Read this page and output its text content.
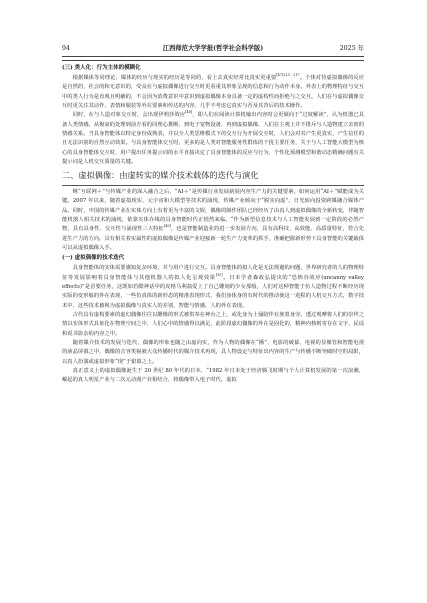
94	江西师范大学学报(哲学社会科学版)	2025 年
(三) 类人化：行为主体的模糊化

根据媒体等同理论，媒体的经历与现实的经历是等同的，看上去真实经常比真实更重要$^{[47]213 - 217}$。个体对待虚拟偶像的反应是自然的，社会的和无意识的，受众在与虚拟偶像进行交互时更看重其形象呈现的信息和行为动作本身。外表上的物理特征与交互中的类人行为是直观且明确的，不会因为消费意识中意识到虚拟偶像本身具备一定的虚构性而拒绝与之交互。人们在与虚拟偶像交互时更关注其动作、表情和服装等外在要素和传达的内容，几乎不考虑它真实与否及其背后的技术操作。

同时，在与人造对象交互时，会出现伊莉莎效应[48]，即人们在阅读计算机输出内容时会更倾向于“过度解读”，认为机器已具备人类情感。从极衰的处理到前方看的同理心推断，到电子宠物设备，再到虚拟偶像，人们在主观上并不排斥与人造物建立亲密的情感关系。当具身智能体以特定身份成熟表，并以全人类思维模式下的交互行为开展交互时，人们会对其产生更真实，产生信任的且无法识别的自然互动效果。与具身智能体交互时，更多的是人类对智能服务性群体的干扰主要任务，关于与人工智能大模型为核心的具身智能体交互时，用户提出任务提示词的水平直接决定了具身智能体的反应与行为，个性化预测模型和谐动态精确问题有关提示词是人机交互质量的关键。

二、虚拟偶像：由虚转实的媒介技术载体的迭代与演化

继“互联网＋”与传媒产业的深入融合之后，“AI＋”是传媒行业发展新展内容生产力的关键要素，如何运用“AI＋”赋能成为关键。2007 年以来，随着虚拟现实、元宇宙和大模型等技术的涌现，传媒产业倾向于“脱实向虚”，日光转向投资跨媒融合媒体产品。同时，中国的传媒产业在实体方向上有着更为丰富的文娱，偶像的制作团队已经经历了由真人到虚拟偶像的全新转变，伴随智能机器人相关技术的涌现，依靠实体在线的具身智能时代正悄然来临。“作为新型信息技术与人工智能发展到一定阶段的必然产物，具有具身性、交互性与涌现性三大特征[49]，也是智能制造业的进一步发展方向，具有高科技、高效能、高质量特征，符合先进生产力的方向。具有相关着实属性的虚拟偶像是传媒产业迎接新一轮生产力变革的抓手，准确把握新形势下具身智能的关键载体可以从虚拟偶像入手。

(一) 虚拟偶像的技术迭代

具身智能体的实体需要感知复杂环境，并与用户进行交互。具身智能体的拟人化是无法规避的问题，世界研究者的人的物理特征等发展影响着具身智能体与其他机器人的拟人化呈现效果[50]。日本学者森政弘提出的“恐怖谷效应(uncanny valley effects)”是首要任务，这既如若酷神话中的皮格马利翁爱上了自己雕刻的少女那般，人们对这种智能于仿人造物过程不断经历现实版的变形般的外在表现，一些仿真体的新形态的精准表现形式，我们身体身的有时代的推动使这一进程的人机交互方式，数字技术中，这些技术被视为虚拟偶像与真实人的差别，智能与情感，人的外在表现。

古代具有虚构要素的虚幻偶像往往以雕像的形式被供奉在神台之上，或化身为土俑陪伴在族墓身旁。透过观摩将人们的崇拜之情以实体形式具象化在物理空间之中，人们心中的情感得以满足，此阶段虚幻偶像的外在是固化的，精神内核则寄存在文字、民谣和说书影杂的内容之中。

随着媒介技术的发展与迭代，偶像的形象也随之由虚向实，作为人物的偶像在“播”、电影的破幕、电视的显像管和智能电视的液晶屏幕之中，偶像的音容笑貌被大众传播时代的媒介技术再现，具人物设定与特征出内容的生产与传播不断突破时空的局限，以真人扮演或虚拟形象“现”于银幕之上。

真正意义上的虚拟偶像诞生于 20 世纪 80 年代的日本，“1982 年日本处于经济腾飞时期与个人计算机发展的第一次浪潮，崛起的真人明星产业与二次元动漫产业相结合，将偶像带入电子时代，虚拟
